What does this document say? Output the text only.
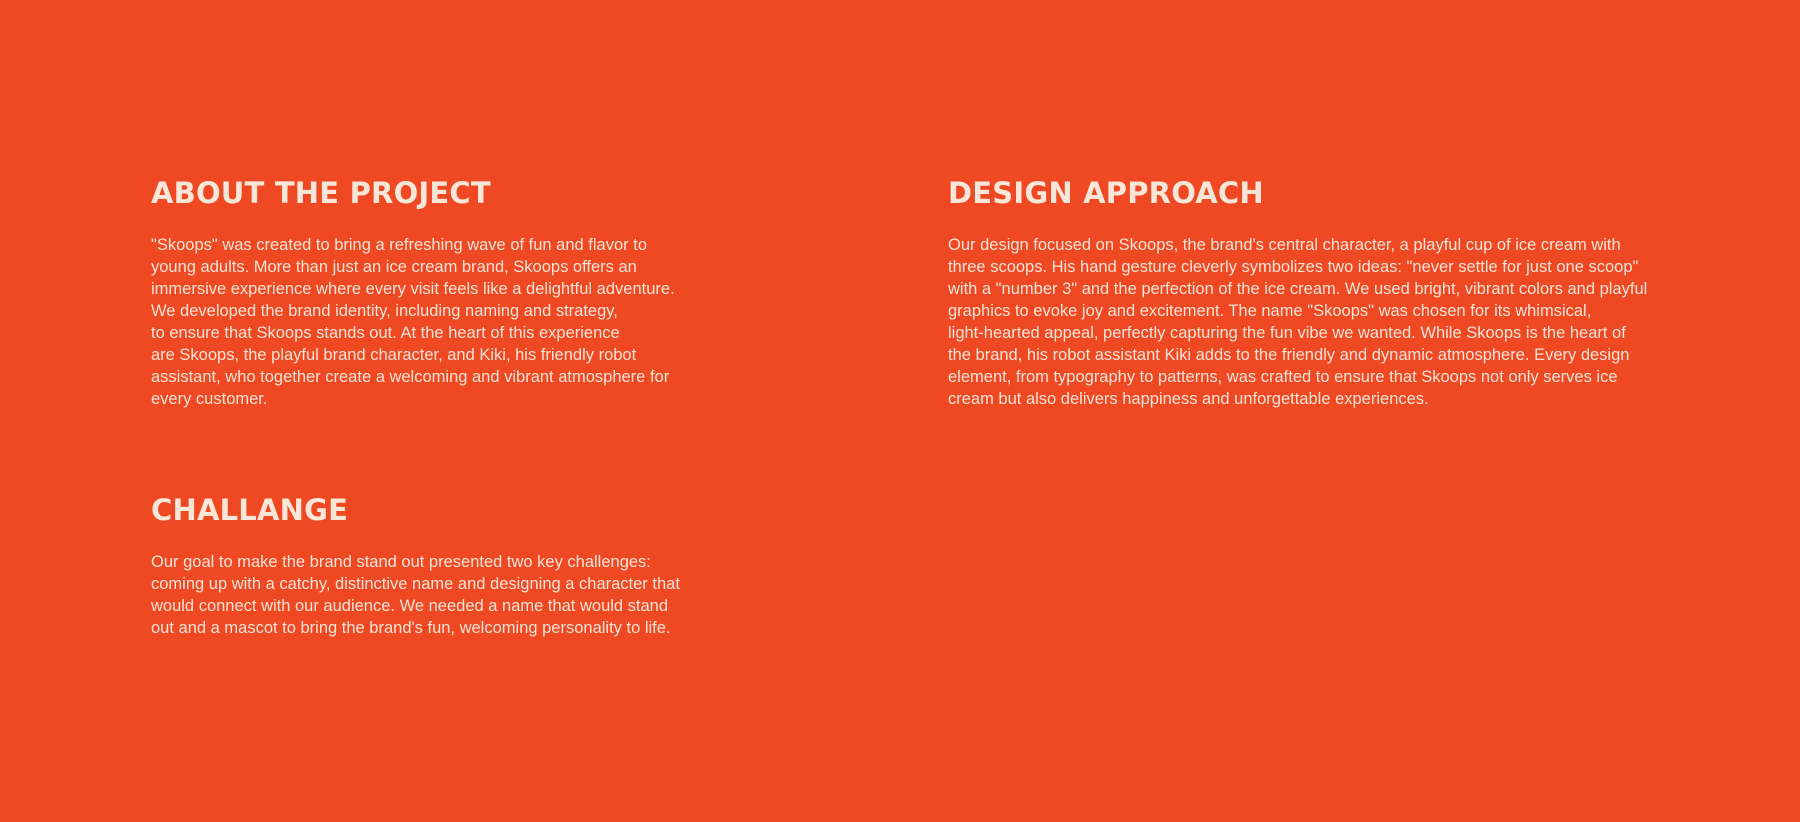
ABOUT THE PROJECT
"Skoops" was created to bring a refreshing wave of fun and flavor to
young adults. More than just an ice cream brand, Skoops offers an
immersive experience where every visit feels like a delightful adventure.
We developed the brand identity, including naming and strategy,
to ensure that Skoops stands out. At the heart of this experience
are Skoops, the playful brand character, and Kiki, his friendly robot
assistant, who together create a welcoming and vibrant atmosphere for
every customer.
DESIGN APPROACH
Our design focused on Skoops, the brand's central character, a playful cup of ice cream with
three scoops. His hand gesture cleverly symbolizes two ideas: "never settle for just one scoop"
with a "number 3" and the perfection of the ice cream. We used bright, vibrant colors and playful
graphics to evoke joy and excitement. The name "Skoops" was chosen for its whimsical,
light-hearted appeal, perfectly capturing the fun vibe we wanted. While Skoops is the heart of
the brand, his robot assistant Kiki adds to the friendly and dynamic atmosphere. Every design
element, from typography to patterns, was crafted to ensure that Skoops not only serves ice
cream but also delivers happiness and unforgettable experiences.
CHALLANGE
Our goal to make the brand stand out presented two key challenges:
coming up with a catchy, distinctive name and designing a character that
would connect with our audience. We needed a name that would stand
out and a mascot to bring the brand's fun, welcoming personality to life.
